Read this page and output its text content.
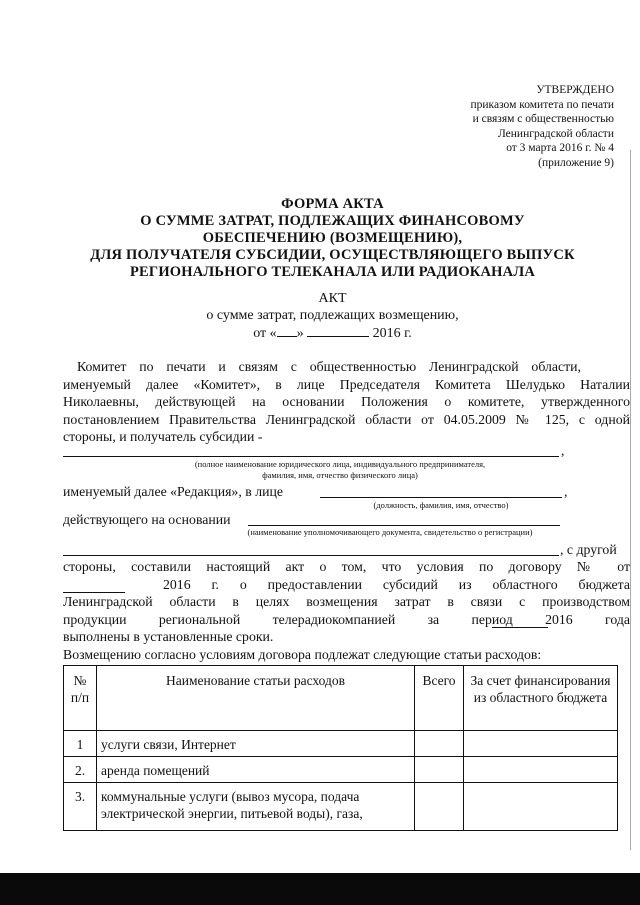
УТВЕРЖДЕНО
приказом комитета по печати
и связям с общественностью
Ленинградской области
от 3 марта 2016 г. № 4
(приложение 9)
ФОРМА АКТА
О СУММЕ ЗАТРАТ, ПОДЛЕЖАЩИХ ФИНАНСОВОМУ
ОБЕСПЕЧЕНИЮ (ВОЗМЕЩЕНИЮ),
ДЛЯ ПОЛУЧАТЕЛЯ СУБСИДИИ, ОСУЩЕСТВЛЯЮЩЕГО ВЫПУСК
РЕГИОНАЛЬНОГО ТЕЛЕКАНАЛА ИЛИ РАДИОКАНАЛА
АКТ
о сумме затрат, подлежащих возмещению,
от « »	2016 г.
Комитет по печати и связям с общественностью Ленинградской области,
именуемый далее «Комитет», в лице Председателя Комитета Шелудько Наталии
Николаевны, действующей на основании Положения о комитете, утвержденного
постановлением Правительства Ленинградской области от 04.05.2009 № 125, с одной
стороны, и получатель субсидии -
,
(полное наименование юридического лица, индивидуального предпринимателя,
фамилия, имя, отчество физического лица)
именуемый далее «Редакция», в лице	,
(должность, фамилия, имя, отчество)
действующего на основании
(наименование уполномочивающего документа, свидетельство о регистрации)
, с другой
стороны, составили настоящий акт о том, что условия по договору № от
2016 г. о предоставлении субсидий из областного бюджета
Ленинградской области в целях возмещения затрат в связи с производством
продукции региональной телерадиокомпанией за период 2016 года
выполнены в установленные сроки.
Возмещению согласно условиям договора подлежат следующие статьи расходов:
№ п/п	Наименование статьи расходов	Всего	За счет финансирования из областного бюджета
1	услуги связи, Интернет		
2.	аренда помещений		
3.	коммунальные услуги (вывоз мусора, подача электрической энергии, питьевой воды), газа,		
